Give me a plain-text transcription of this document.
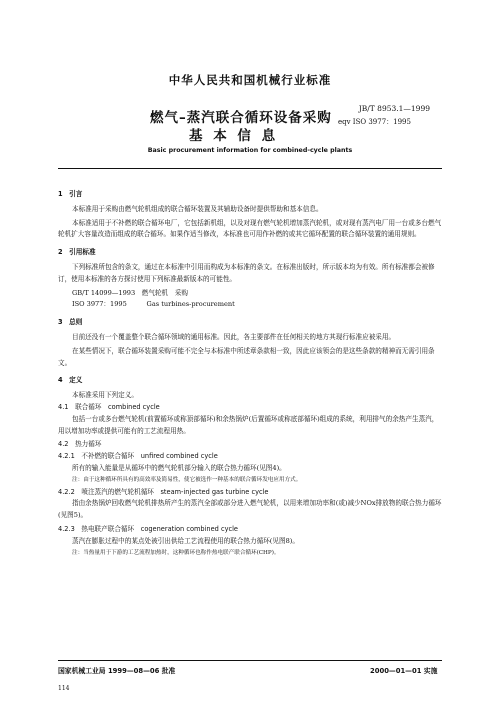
中华人民共和国机械行业标准
燃气–蒸汽联合循环设备采购
基 本 信 息
JB/T 8953.1—1999
eqv ISO 3977：1995
Basic procurement information for combined-cycle plants
1　引言

本标准用于采购由燃气轮机组成的联合循环装置及其辅助设备时提供帮助和基本信息。

本标准适用于不补燃的联合循环电厂，它包括新机组，以及对现有燃气轮机增加蒸汽轮机，或对现有蒸汽电厂用一台或多台燃气轮机扩大容量改造而组成的联合循环。如果作适当修改，本标准也可用作补燃的或其它循环配置的联合循环装置的通用规则。

2　引用标准

下列标准所包含的条文，通过在本标准中引用而构成为本标准的条文。在标准出版时，所示版本均为有效。所有标准都会被修订，使用本标准的各方探讨使用下列标准最新版本的可能性。

GB/T 14099—1993　燃气轮机　采购

ISO 3977：1995　　　Gas turbines-procurement

3　总则

目前还没有一个覆盖整个联合循环领域的通用标准。因此，各主要部件在任何相关的地方其现行标准应被采用。

在某些情况下，联合循环装置采购可能不完全与本标准中所述章条款相一致，因此应该领会的是这些条款的精神而无需引用条文。

4　定义

本标准采用下列定义。

4.1　联合循环　combined cycle

包括一台或多台燃气轮机(前置循环或称顶部循环)和余热锅炉(后置循环或称底部循环)组成的系统，利用排气的余热产生蒸汽，用以增加功率或提供可能有的工艺流程用热。

4.2　热力循环

4.2.1　不补燃的联合循环　unfired combined cycle

所有的输入能量是从循环中的燃气轮机部分输入的联合热力循环(见图4)。

注：由于这种循环所具有的高效率及简易性，使它被选作一种基本的联合循环发电应用方式。

4.2.2　喷注蒸汽的燃气轮机循环　steam-injected gas turbine cycle

指由余热锅炉回收燃气轮机排热所产生的蒸汽全部或部分进入燃气轮机，以用来增加功率和(或)减少NOx排放物的联合热力循环(见图5)。

4.2.3　热电联产联合循环　cogeneration combined cycle

蒸汽在膨胀过程中的某点处被引出供给工艺流程使用的联合热力循环(见图8)。

注：当热量用于下游的工艺流程加热时，这种循环也称作热电联产联合循环(CHP)。

国家机械工业局 1999—08—06 批准	2000—01—01 实施
114
